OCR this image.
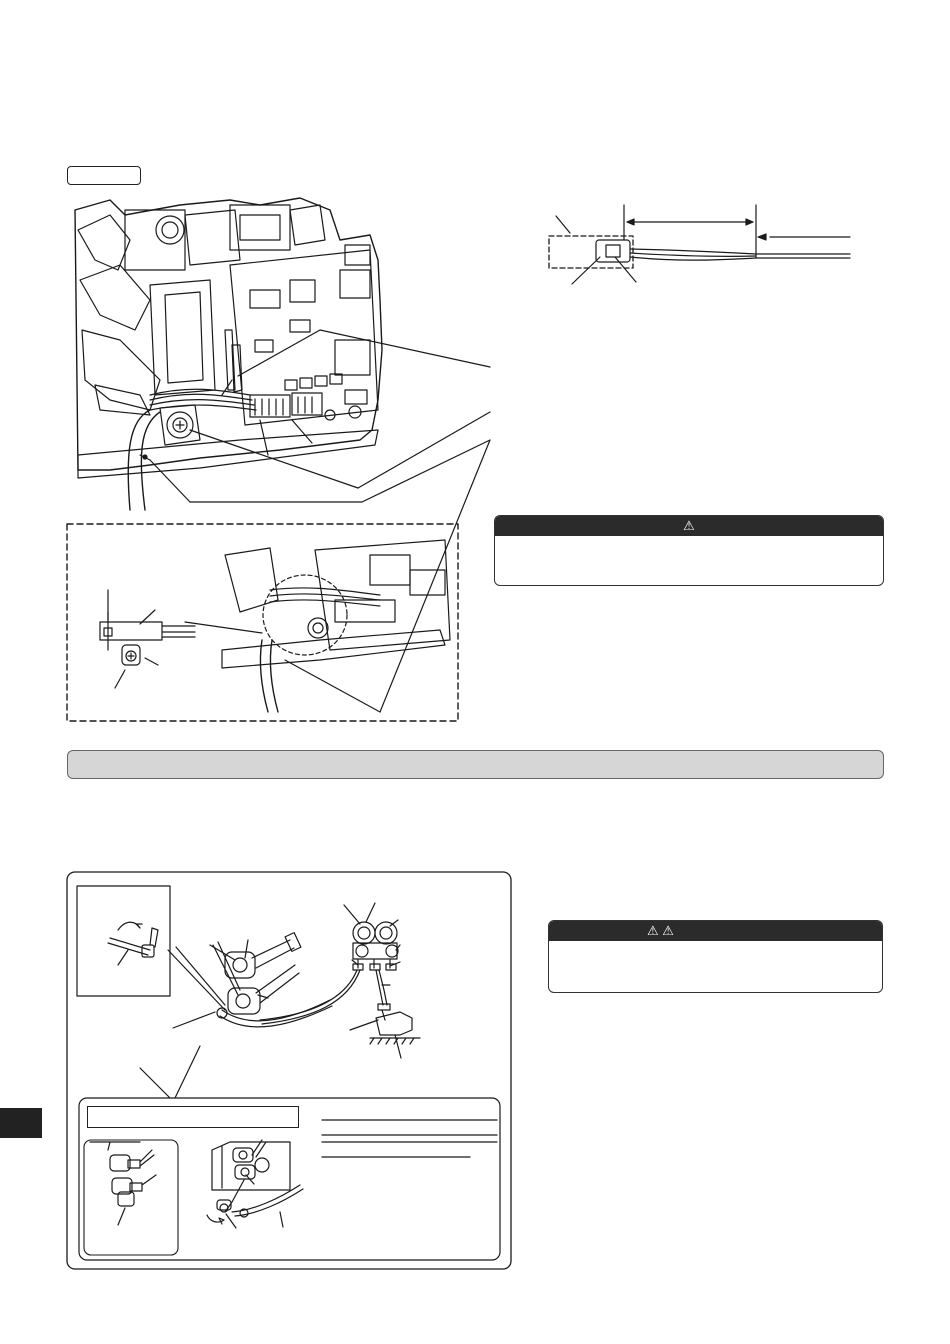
⚠
⚠ ⚠
